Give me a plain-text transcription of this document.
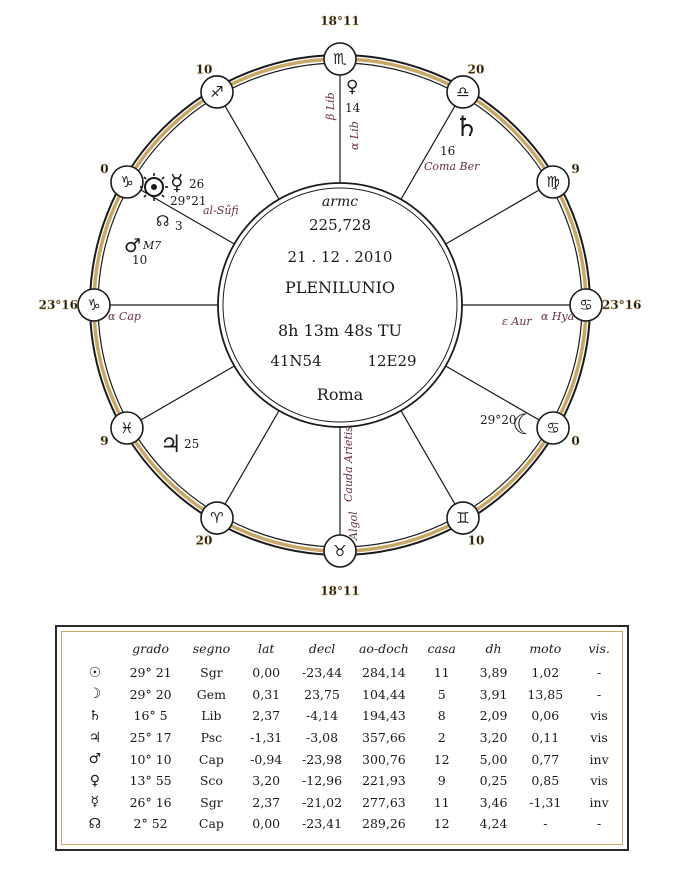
♏
18°11
♎
20
♍
9
♋ 23°16
♋
0
♊
10
♉
18°11
♈
20
♓
9
♑
23°16
♑
0
♐
10
armc
225,728
21 . 12 . 2010
PLENILUNIO
8h 13m 48s TU
41N54	12E29
Roma
♄
16
♀
14
29°21
☿ 26
☊ 3
♂
10
♃ 25
☾
29°20
β Lib
α Lib
Coma Ber
al-Sûfi
M7
α Cap	ε Aur α Hya
Algol
Cauda Arietis
	grado	segno	lat	decl	ao-doch	casa	dh	moto	vis.
☉	29° 21	Sgr	0,00	-23,44	284,14	11	3,89	1,02	-
☽	29° 20	Gem	0,31	23,75	104,44	5	3,91	13,85	-
♄	16° 5	Lib	2,37	-4,14	194,43	8	2,09	0,06	vis
♃	25° 17	Psc	-1,31	-3,08	357,66	2	3,20	0,11	vis
♂	10° 10	Cap	-0,94	-23,98	300,76	12	5,00	0,77	inv
♀	13° 55	Sco	3,20	-12,96	221,93	9	0,25	0,85	vis
☿	26° 16	Sgr	2,37	-21,02	277,63	11	3,46	-1,31	inv
☊	2° 52	Cap	0,00	-23,41	289,26	12	4,24	-	-
